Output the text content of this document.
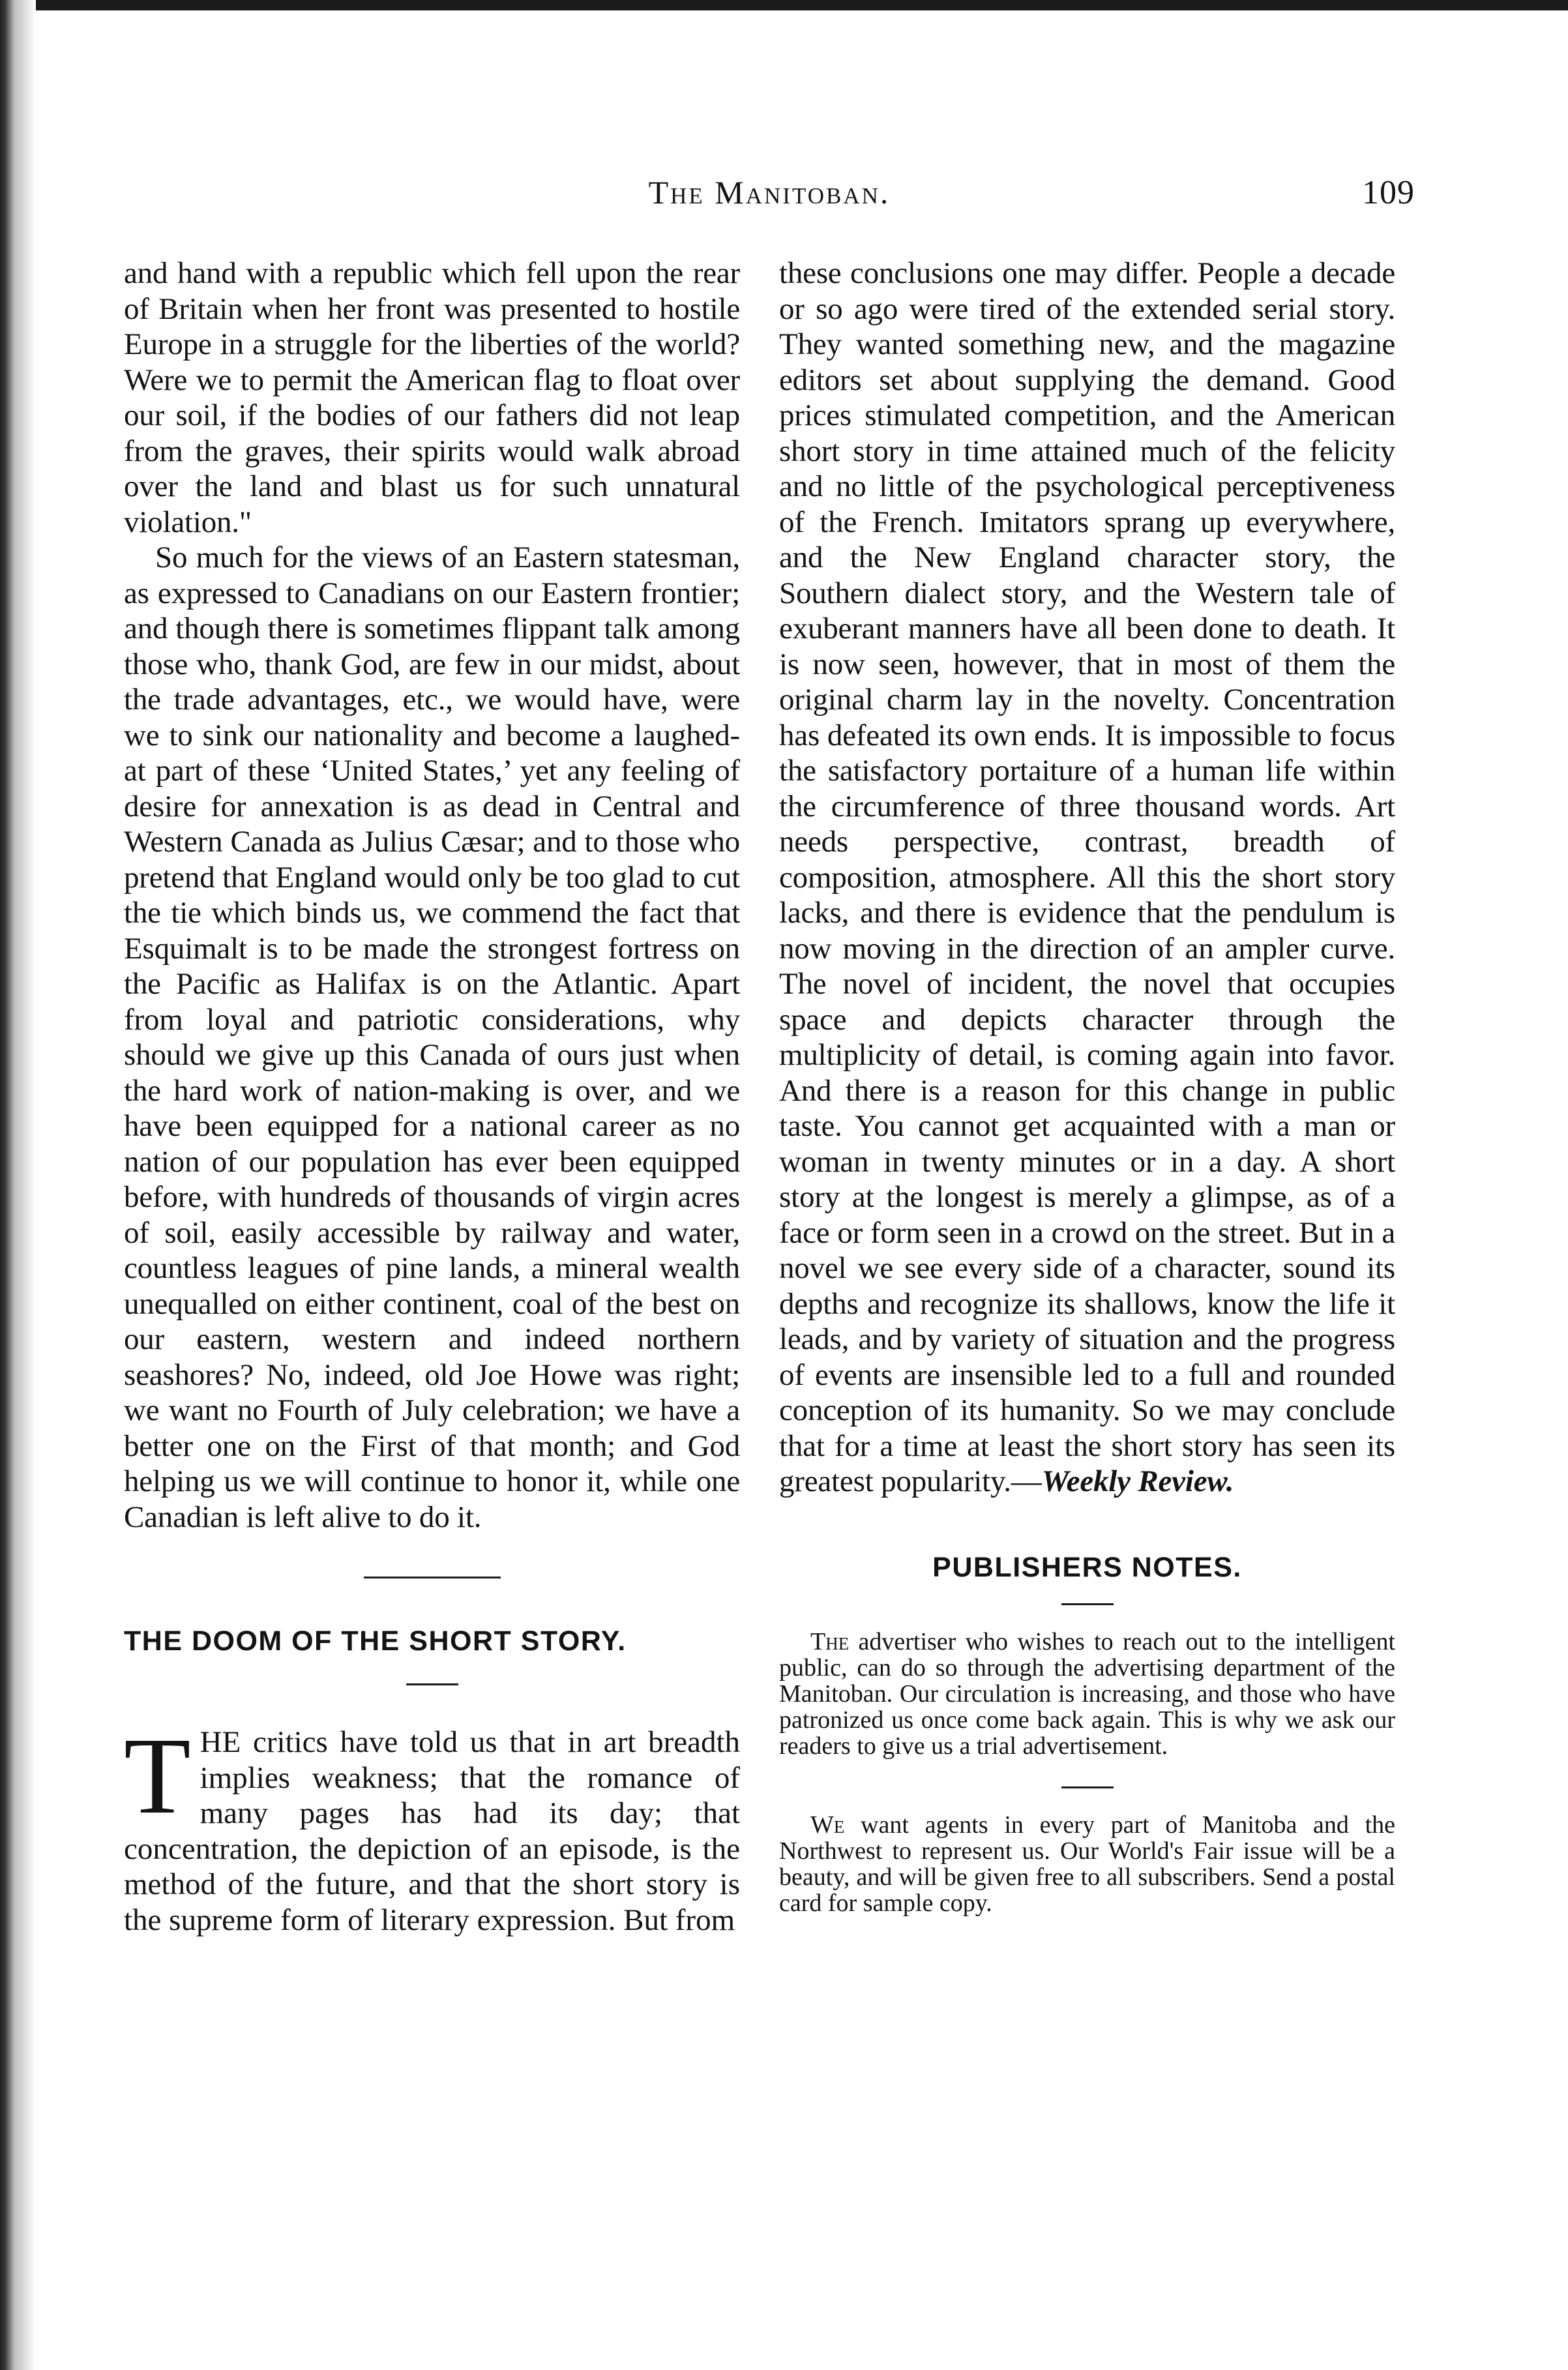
The Manitoban.	109

and hand with a republic which fell upon the rear of Britain when her front was presented to hostile Europe in a struggle for the liberties of the world? Were we to permit the American flag to float over our soil, if the bodies of our fathers did not leap from the graves, their spirits would walk abroad over the land and blast us for such unnatural violation."

So much for the views of an Eastern statesman, as expressed to Canadians on our Eastern frontier; and though there is sometimes flippant talk among those who, thank God, are few in our midst, about the trade advantages, etc., we would have, were we to sink our nationality and become a laughed-at part of these ‘United States,’ yet any feeling of desire for annexation is as dead in Central and Western Canada as Julius Cæsar; and to those who pretend that England would only be too glad to cut the tie which binds us, we commend the fact that Esquimalt is to be made the strongest fortress on the Pacific as Halifax is on the Atlantic. Apart from loyal and patriotic considerations, why should we give up this Canada of ours just when the hard work of nation-making is over, and we have been equipped for a national career as no nation of our population has ever been equipped before, with hundreds of thousands of virgin acres of soil, easily accessible by railway and water, countless leagues of pine lands, a mineral wealth unequalled on either continent, coal of the best on our eastern, western and indeed northern seashores? No, indeed, old Joe Howe was right; we want no Fourth of July celebration; we have a better one on the First of that month; and God helping us we will continue to honor it, while one Canadian is left alive to do it.

THE DOOM OF THE SHORT STORY.

THE critics have told us that in art breadth implies weakness; that the romance of many pages has had its day; that concentration, the depiction of an episode, is the method of the future, and that the short story is the supreme form of literary expression. But from

these conclusions one may differ. People a decade or so ago were tired of the extended serial story. They wanted something new, and the magazine editors set about supplying the demand. Good prices stimulated competition, and the American short story in time attained much of the felicity and no little of the psychological perceptiveness of the French. Imitators sprang up everywhere, and the New England character story, the Southern dialect story, and the Western tale of exuberant manners have all been done to death. It is now seen, however, that in most of them the original charm lay in the novelty. Concentration has defeated its own ends. It is impossible to focus the satisfactory portaiture of a human life within the circumference of three thousand words. Art needs perspective, contrast, breadth of composition, atmosphere. All this the short story lacks, and there is evidence that the pendulum is now moving in the direction of an ampler curve. The novel of incident, the novel that occupies space and depicts character through the multiplicity of detail, is coming again into favor. And there is a reason for this change in public taste. You cannot get acquainted with a man or woman in twenty minutes or in a day. A short story at the longest is merely a glimpse, as of a face or form seen in a crowd on the street. But in a novel we see every side of a character, sound its depths and recognize its shallows, know the life it leads, and by variety of situation and the progress of events are insensible led to a full and rounded conception of its humanity. So we may conclude that for a time at least the short story has seen its greatest popularity.—Weekly Review.

PUBLISHERS NOTES.

The advertiser who wishes to reach out to the intelligent public, can do so through the advertising department of the Manitoban. Our circulation is increasing, and those who have patronized us once come back again. This is why we ask our readers to give us a trial advertisement.

We want agents in every part of Manitoba and the Northwest to represent us. Our World's Fair issue will be a beauty, and will be given free to all subscribers. Send a postal card for sample copy.
